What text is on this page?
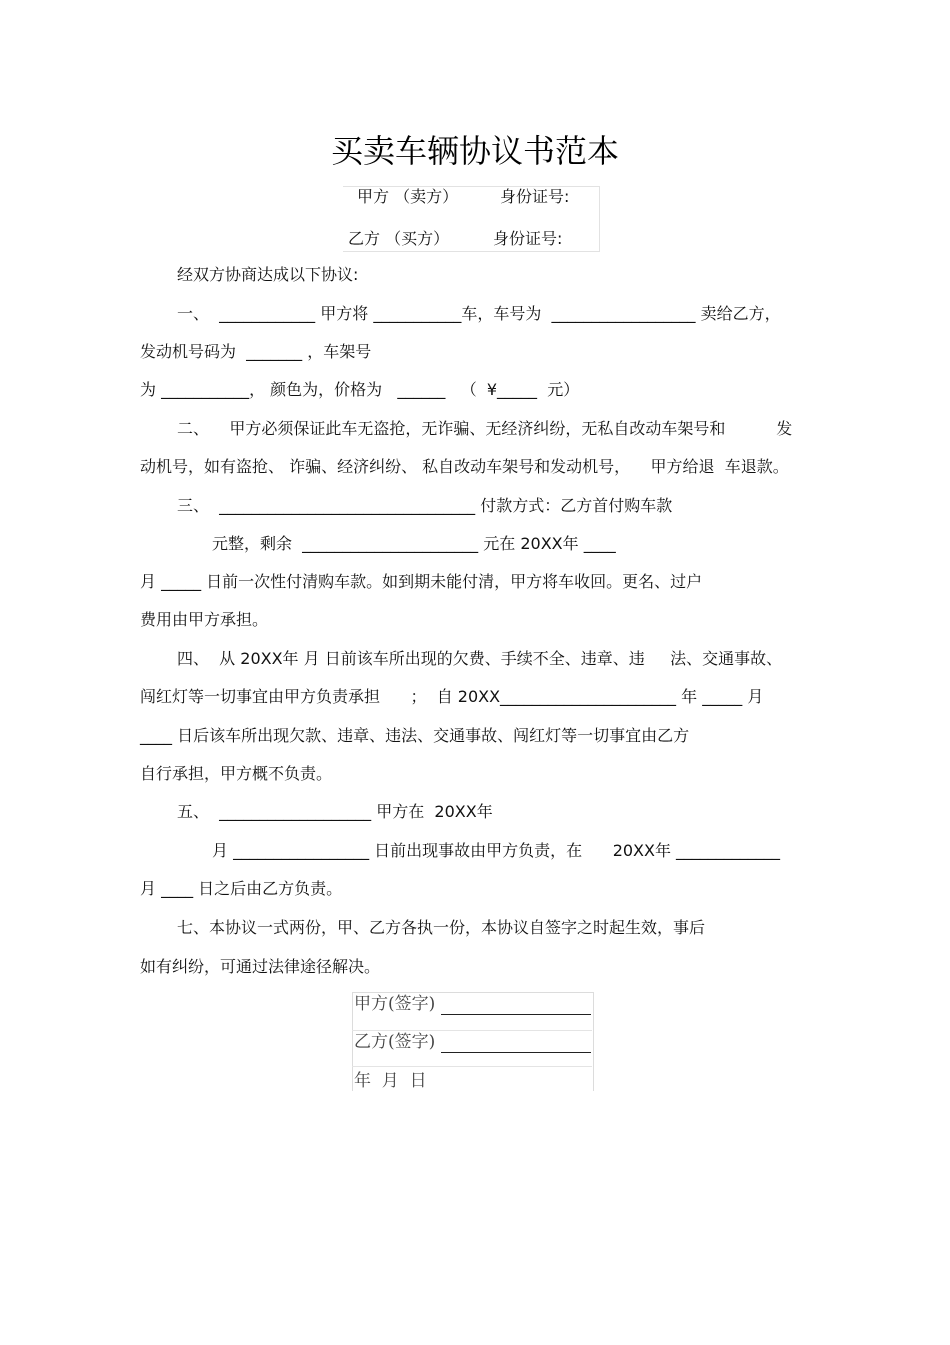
买卖车辆协议书范本
甲方 （卖方）	身份证号:
乙方 （买方）	身份证号:
经双方协商达成以下协议:
一、  ____________ 甲方将 ___________车，车号为  __________________ 卖给乙方，
发动机号码为  _______ ，车架号
为 ___________， 颜色为，价格为   ______   （  ¥_____  元）
二、    甲方必须保证此车无盗抢，无诈骗、无经济纠纷，无私自改动车架号和          发
动机号，如有盗抢、 诈骗、经济纠纷、 私自改动车架号和发动机号，    甲方给退  车退款。
三、  ________________________________ 付款方式：乙方首付购车款
元整，剩余  ______________________ 元在 20XX年 ____
月 _____ 日前一次性付清购车款。如到期未能付清，甲方将车收回。更名、过户
费用由甲方承担。
四、  从 20XX年 月 日前该车所出现的欠费、手续不全、违章、违     法、交通事故、
闯红灯等一切事宜由甲方负责承担      ；  自 20XX______________________ 年 _____ 月
____ 日后该车所出现欠款、违章、违法、交通事故、闯红灯等一切事宜由乙方
自行承担，甲方概不负责。
五、  ___________________ 甲方在  20XX年
月 _________________ 日前出现事故由甲方负责，在      20XX年 _____________
月 ____ 日之后由乙方负责。
七、本协议一式两份，甲、乙方各执一份，本协议自签字之时起生效，事后
如有纠纷，可通过法律途径解决。
甲方(签字)
乙方(签字)
年  月  日
